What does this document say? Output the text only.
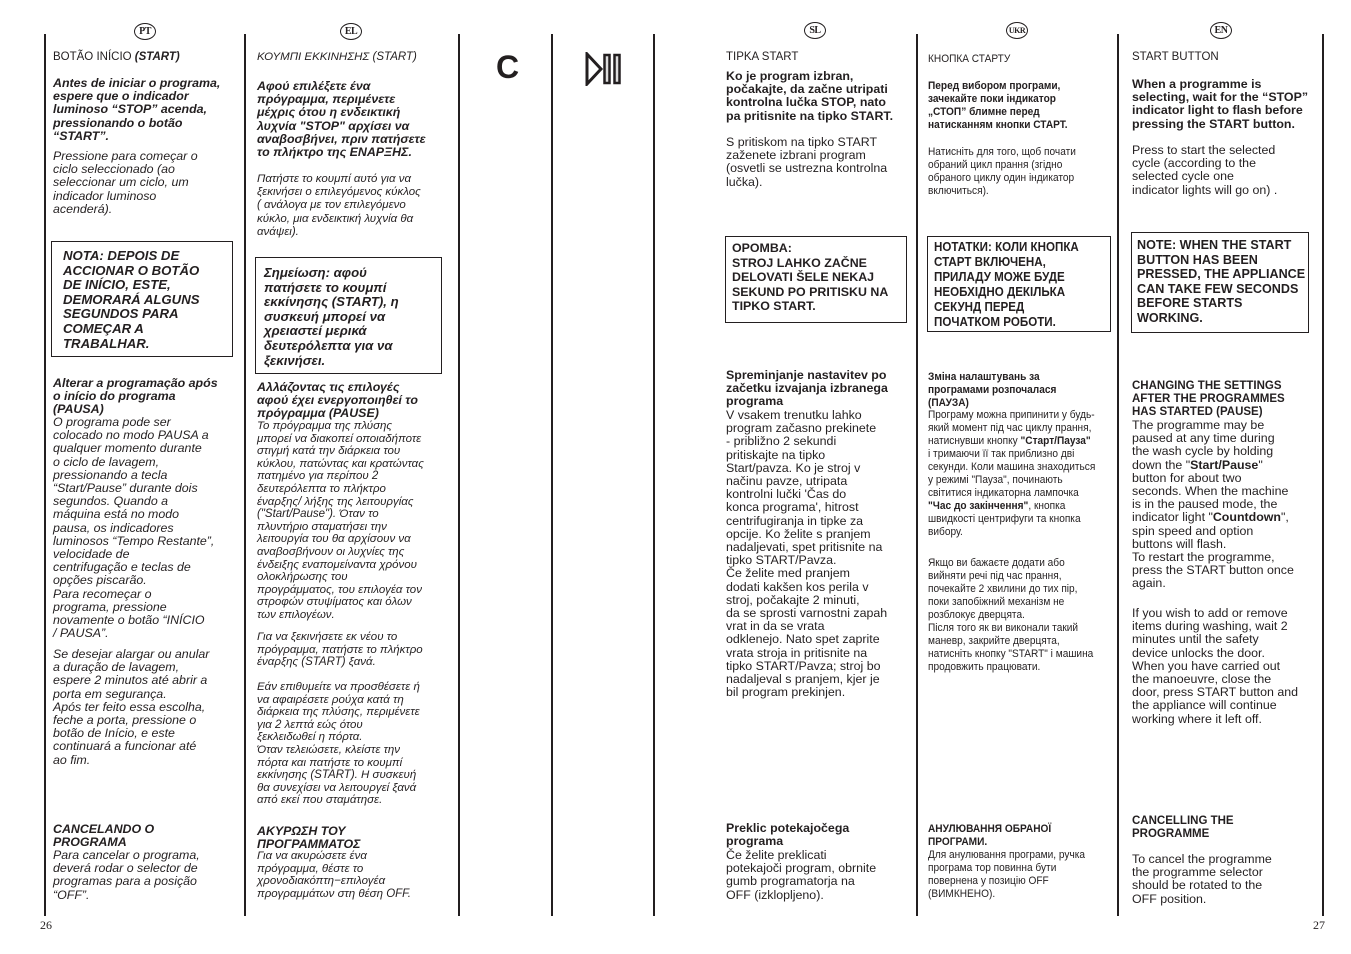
PT

BOTÃO INÍCIO (START)

Antes de iniciar o programa,
espere que o indicador
luminoso “STOP” acenda,
pressionando o botão
“START”.

Pressione para começar o
ciclo seleccionado (ao
seleccionar um ciclo, um
indicador luminoso
acenderá).

NOTA: DEPOIS DE
ACCIONAR O BOTÃO
DE INÍCIO, ESTE,
DEMORARÁ ALGUNS
SEGUNDOS PARA
COMEÇAR A
TRABALHAR.

Alterar a programação após
o início do programa
(PAUSA)

O programa pode ser
colocado no modo PAUSA a
qualquer momento durante
o ciclo de lavagem,
pressionando a tecla
“Start/Pause” durante dois
segundos. Quando a
máquina está no modo
pausa, os indicadores
luminosos “Tempo Restante”,
velocidade de
centrifugação e teclas de
opções piscarão.
Para recomeçar o
programa, pressione
novamente o botão “INÍCIO
/ PAUSA”.

Se desejar alargar ou anular
a duração de lavagem,
espere 2 minutos até abrir a
porta em segurança.
Após ter feito essa escolha,
feche a porta, pressione o
botão de Início, e este
continuará a funcionar até
ao fim.

CANCELANDO O
PROGRAMA

Para cancelar o programa,
deverá rodar o selector de
programas para a posição
“OFF”.

26
EL

ΚΟΥΜΠΙ ΕΚΚΙΝΗΣΗΣ (START)

Αφού επιλέξετε ένα
πρόγραμμα, περιμένετε
μέχρις ότου η ενδεικτική
λυχνία "STOP" αρχίσει να
αναβοσβήνει, πριν πατήσετε
το πλήκτρο της ΕΝΑΡΞΗΣ.

Πατήστε το κουμπί αυτό για να
ξεκινήσει ο επιλεγόμενος κύκλος
( ανάλογα με τον επιλεγόμενο
κύκλο, μια ενδεικτική λυχνία θα
ανάψει).

Σημείωση: αφού
πατήσετε το κουμπί
εκκίνησης (START), η
συσκευή μπορεί να
χρειαστεί μερικά
δευτερόλεπτα για να
ξεκινήσει.

Αλλάζοντας τις επιλογές
αφού έχει ενεργοποιηθεί το
πρόγραμμα (PAUSE)

Το πρόγραμμα της πλύσης
μπορεί να διακοπεί οποιαδήποτε
στιγμή κατά την διάρκεια του
κύκλου, πατώντας και κρατώντας
πατημένο για περίπου 2
δευτερόλεπτα το πλήκτρο
έναρξης/ λήξης της λειτουργίας
("Start/Pause"). Όταν το
πλυντήριο σταματήσει την
λειτουργία του θα αρχίσουν να
αναβοσβήνουν οι λυχνίες της
ένδειξης εναπομείναντα χρόνου
ολοκλήρωσης του
προγράμματος, του επιλογέα τον
στροφών στυψίματος και όλων
των επιλογέων.

Για να ξεκινήσετε εκ νέου το
πρόγραμμα, πατήστε το πλήκτρο
έναρξης (START) ξανά.

Εάν επιθυμείτε να προσθέσετε ή
να αφαιρέσετε ρούχα κατά τη
διάρκεια της πλύσης, περιμένετε
για 2 λεπτά εώς ότου
ξεκλειδωθεί η πόρτα.
Όταν τελειώσετε, κλείστε την
πόρτα και πατήστε το κουμπί
εκκίνησης (START). Η συσκευή
θα συνεχίσει να λειτουργεί ξανά
από εκεί που σταμάτησε.

ΑΚΥΡΩΣΗ ΤΟΥ
ΠΡΟΓΡΑΜΜΑΤΟΣ

Για να ακυρώσετε ένα
πρόγραμμα, θέστε το
χρονοδιακόπτη−επιλογέα
προγραμμάτων στη θέση OFF.

C
SL

TIPKA START

Ko je program izbran,
počakajte, da začne utripati
kontrolna lučka STOP, nato
pa pritisnite na tipko START.

S pritiskom na tipko START
zaženete izbrani program
(osvetli se ustrezna kontrolna
lučka).

OPOMBA:
STROJ LAHKO ZAČNE
DELOVATI ŠELE NEKAJ
SEKUND PO PRITISKU NA
TIPKO START.

Spreminjanje nastavitev po
začetku izvajanja izbranega
programa

V vsakem trenutku lahko
program začasno prekinete
- približno 2 sekundi
pritiskajte na tipko
Start/pavza. Ko je stroj v
načinu pavze, utripata
kontrolni lučki 'Čas do
konca programa', hitrost
centrifugiranja in tipke za
opcije. Ko želite s pranjem
nadaljevati, spet pritisnite na
tipko START/Pavza.
Če želite med pranjem
dodati kakšen kos perila v
stroj, počakajte 2 minuti,
da se sprosti varnostni zapah
vrat in da se vrata
odklenejo. Nato spet zaprite
vrata stroja in pritisnite na
tipko START/Pavza; stroj bo
nadaljeval s pranjem, kjer je
bil program prekinjen.

Preklic potekajočega
programa

Če želite preklicati
potekajoči program, obrnite
gumb programatorja na
OFF (izklopljeno).

UKR

КНОПКА СТАРТУ

Перед вибором програми,
зачекайте поки індикатор
„СТОП” блимне перед
натисканням кнопки СТАРТ.

Натисніть для того, щоб почати
обраний цикл прання (згідно
обраного циклу один індикатор
включиться).

НОТАТКИ: КОЛИ КНОПКА
СТАРТ ВКЛЮЧЕНА,
ПРИЛАДУ МОЖЕ БУДЕ
НЕОБХІДНО ДЕКІЛЬКА
СЕКУНД ПЕРЕД
ПОЧАТКОМ РОБОТИ.

Зміна налаштувань за
програмами розпочалася
(ПАУЗА)

Програму можна припинити у будь-
який момент під час циклу прання,
натиснувши кнопку "Старт/Пауза"
і тримаючи її так приблизно дві
секунди. Коли машина знаходиться
у режимі "Пауза", починають
світитися індикаторна лампочка
"Час до закінчення", кнопка
швидкості центрифуги та кнопка
вибору.

Якщо ви бажаєте додати або
вийняти речі під час прання,
почекайте 2 хвилини до тих пір,
поки запобіжний механізм не
розблокує дверцята.
Після того як ви виконали такий
маневр, закрийте дверцята,
натисніть кнопку "START" і машина
продовжить працювати.

АНУЛЮВАННЯ ОБРАНОЇ
ПРОГРАМИ.

Для анулювання програми, ручка
програма тор повинна бути
повернена у позицію OFF
(ВИМКНЕНО).

EN

START BUTTON

When a programme is
selecting, wait for the “STOP”
indicator light to flash before
pressing the START button.

Press to start the selected
cycle (according to the
selected cycle one
indicator lights will go on) .

NOTE: WHEN THE START
BUTTON HAS BEEN
PRESSED, THE APPLIANCE
CAN TAKE FEW SECONDS
BEFORE STARTS
WORKING.

CHANGING THE SETTINGS
AFTER THE PROGRAMMES
HAS STARTED (PAUSE)

The programme may be
paused at any time during
the wash cycle by holding
down the "Start/Pause"
button for about two
seconds. When the machine
is in the paused mode, the
indicator light "Countdown",
spin speed and option
buttons will flash.
To restart the programme,
press the START button once
again.

If you wish to add or remove
items during washing, wait 2
minutes until the safety
device unlocks the door.
When you have carried out
the manoeuvre, close the
door, press START button and
the appliance will continue
working where it left off.

CANCELLING THE
PROGRAMME

To cancel the programme
the programme selector
should be rotated to the
OFF position.

27
